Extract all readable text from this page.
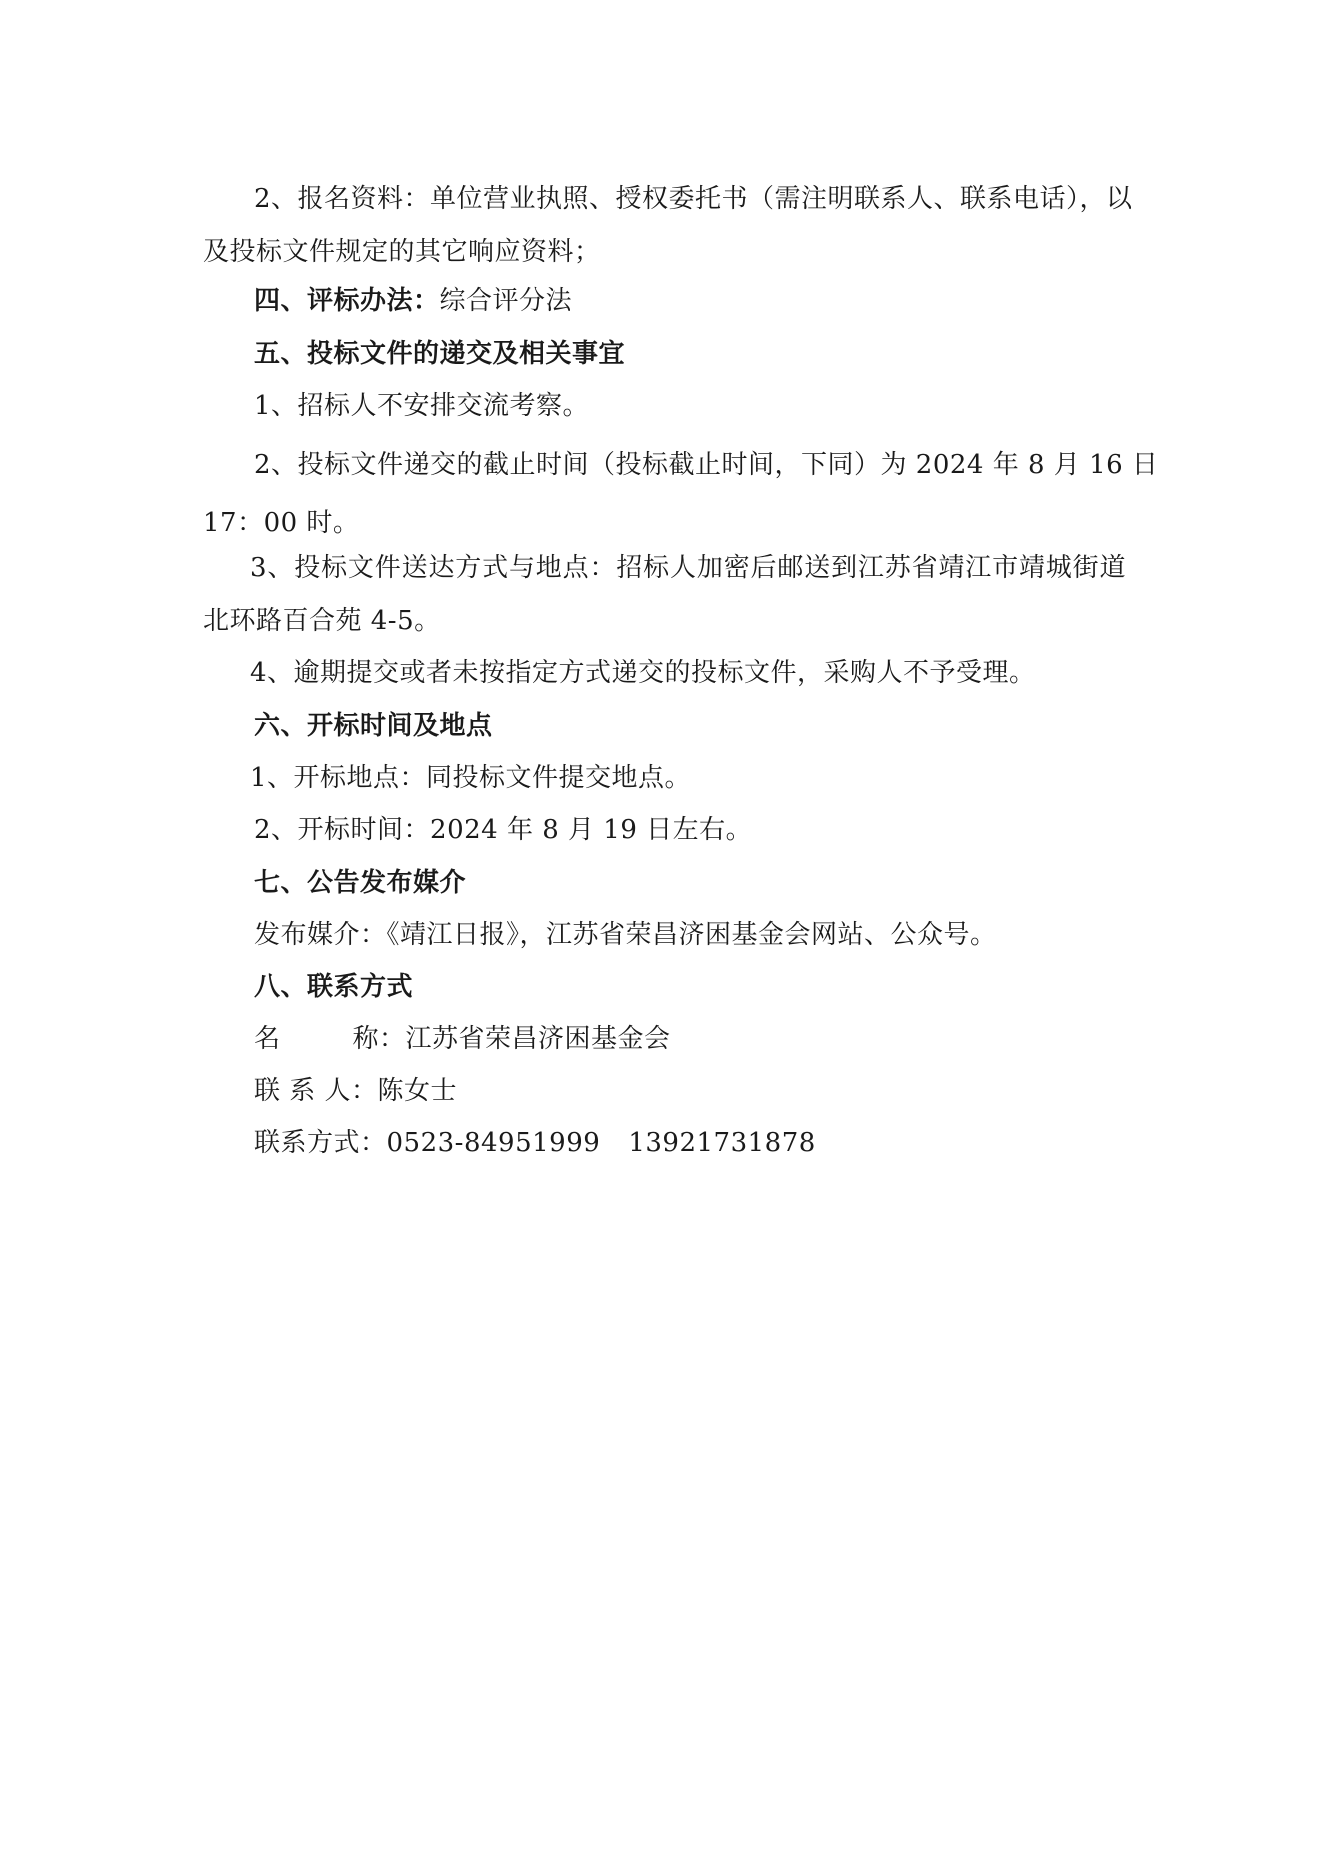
2、报名资料：单位营业执照、授权委托书（需注明联系人、联系电话），以
及投标文件规定的其它响应资料；
四、评标办法：综合评分法
五、投标文件的递交及相关事宜
1、招标人不安排交流考察。
2、投标文件递交的截止时间（投标截止时间，下同）为 2024 年 8 月 16 日
17：00 时。
3、投标文件送达方式与地点：招标人加密后邮送到江苏省靖江市靖城街道
北环路百合苑 4-5。
4、逾期提交或者未按指定方式递交的投标文件，采购人不予受理。
六、开标时间及地点
1、开标地点：同投标文件提交地点。
2、开标时间：2024 年 8 月 19 日左右。
七、公告发布媒介
发布媒介：《靖江日报》，江苏省荣昌济困基金会网站、公众号。
八、联系方式
名	称：江苏省荣昌济困基金会
联 系 人：陈女士
联系方式：0523-84951999 13921731878
